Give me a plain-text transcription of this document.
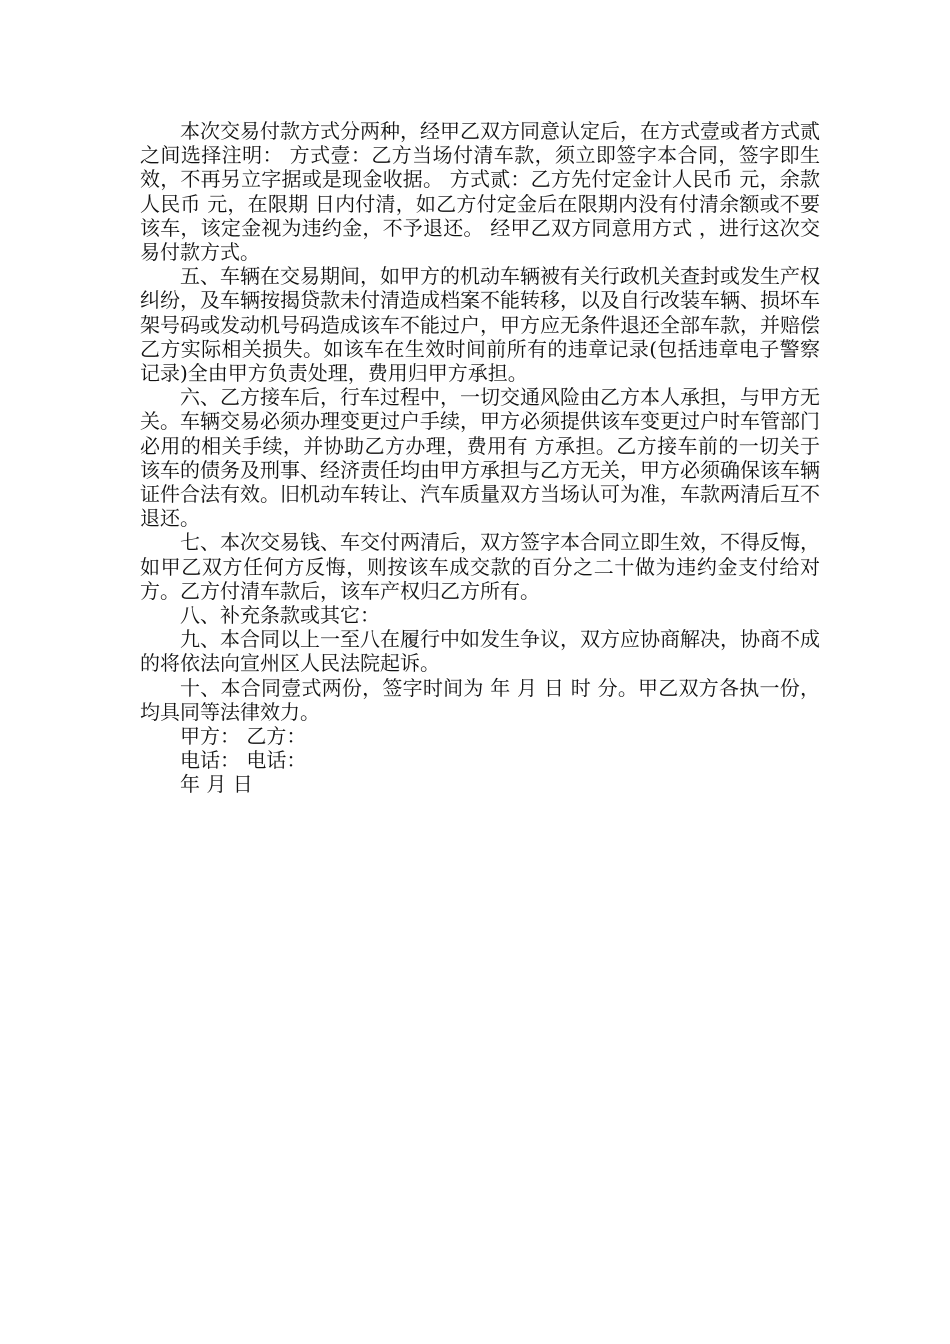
本次交易付款方式分两种，经甲乙双方同意认定后，在方式壹或者方式贰之间选择注明： 方式壹：乙方当场付清车款，须立即签字本合同，签字即生效，不再另立字据或是现金收据。 方式贰：乙方先付定金计人民币 元，余款人民币 元，在限期 日内付清，如乙方付定金后在限期内没有付清余额或不要该车，该定金视为违约金，不予退还。 经甲乙双方同意用方式 ，进行这次交易付款方式。

五、车辆在交易期间，如甲方的机动车辆被有关行政机关查封或发生产权纠纷，及车辆按揭贷款未付清造成档案不能转移，以及自行改装车辆、损坏车架号码或发动机号码造成该车不能过户，甲方应无条件退还全部车款，并赔偿乙方实际相关损失。如该车在生效时间前所有的违章记录(包括违章电子警察记录)全由甲方负责处理，费用归甲方承担。

六、乙方接车后，行车过程中，一切交通风险由乙方本人承担，与甲方无关。车辆交易必须办理变更过户手续，甲方必须提供该车变更过户时车管部门必用的相关手续，并协助乙方办理，费用有 方承担。乙方接车前的一切关于该车的债务及刑事、经济责任均由甲方承担与乙方无关，甲方必须确保该车辆证件合法有效。旧机动车转让、汽车质量双方当场认可为准，车款两清后互不退还。

七、本次交易钱、车交付两清后，双方签字本合同立即生效，不得反悔，如甲乙双方任何方反悔，则按该车成交款的百分之二十做为违约金支付给对方。乙方付清车款后，该车产权归乙方所有。

八、补充条款或其它：

九、本合同以上一至八在履行中如发生争议，双方应协商解决，协商不成的将依法向宣州区人民法院起诉。

十、本合同壹式两份，签字时间为 年 月 日 时 分。甲乙双方各执一份，均具同等法律效力。

甲方： 乙方：

电话： 电话：

年 月 日
